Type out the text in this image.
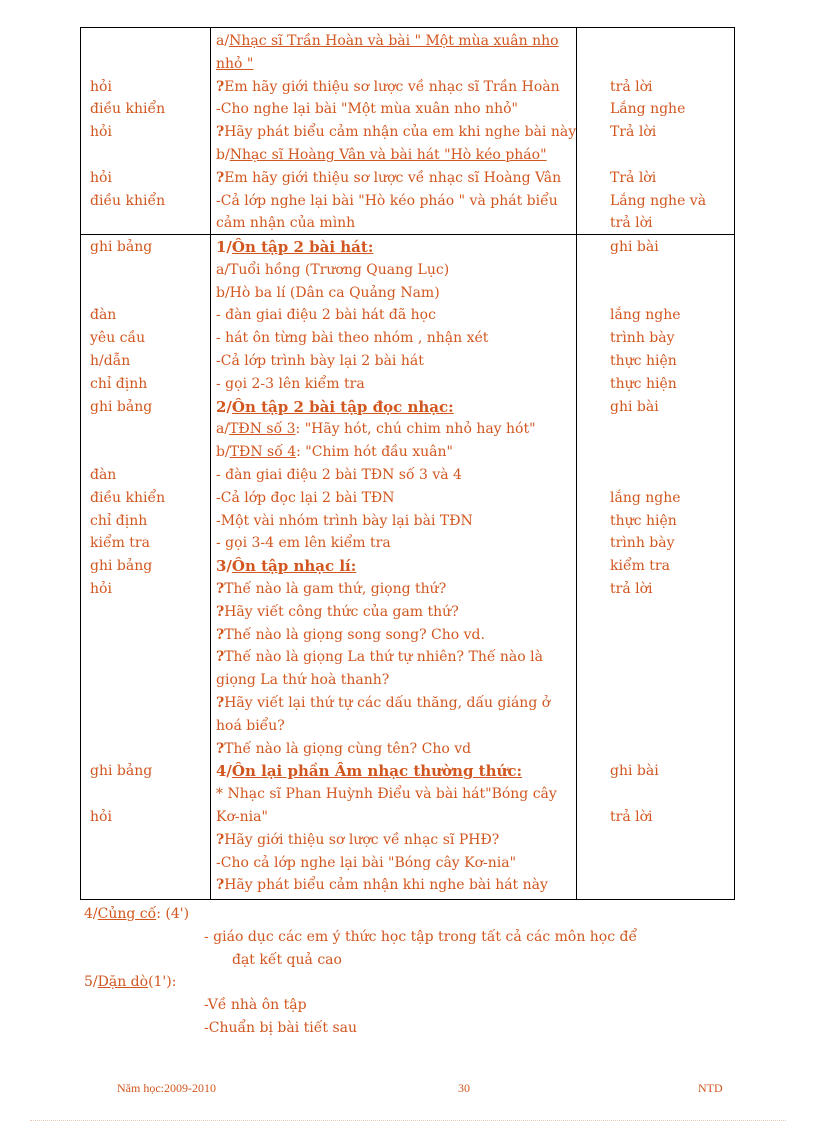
hỏi
điều khiển
hỏi
hỏi
điều khiển
a/Nhạc sĩ Trần Hoàn và bài " Một mùa xuân nho
nhỏ "
?Em hãy giới thiệu sơ lược về nhạc sĩ Trần Hoàn
-Cho nghe lại bài "Một mùa xuân nho nhỏ"
?Hãy phát biểu cảm nhận của em khi nghe bài này
b/Nhạc sĩ Hoàng Vân và bài hát "Hò kéo pháo"
?Em hãy giới thiệu sơ lược về nhạc sĩ Hoàng Vân
-Cả lớp nghe lại bài "Hò kéo pháo " và phát biểu
cảm nhận của mình
trả lời
Lắng nghe
Trả lời
Trả lời
Lắng nghe và
trả lời
ghi bảng
đàn
yêu cầu
h/dẫn
chỉ định
ghi bảng
đàn
điều khiển
chỉ định
kiểm tra
ghi bảng
hỏi
ghi bảng
hỏi
1/Ôn tập 2 bài hát:
a/Tuổi hồng (Trương Quang Lục)
b/Hò ba lí (Dân ca Quảng Nam)
- đàn giai điệu 2 bài hát đã học
- hát ôn từng bài theo nhóm , nhận xét
-Cả lớp trình bày lại 2 bài hát
- gọi 2-3 lên kiểm tra
2/Ôn tập 2 bài tập đọc nhạc:
a/TĐN số 3: "Hãy hót, chú chim nhỏ hay hót"
b/TĐN số 4: "Chim hót đầu xuân"
- đàn giai điệu 2 bài TĐN số 3 và 4
-Cả lớp đọc lại 2 bài TĐN
-Một vài nhóm trình bày lại bài TĐN
- gọi 3-4 em lên kiểm tra
3/Ôn tập nhạc lí:
?Thế nào là gam thứ, giọng thứ?
?Hãy viết công thức của gam thứ?
?Thế nào là giọng song song? Cho vd.
?Thế nào là giọng La thứ tự nhiên? Thế nào là
giọng La thứ hoà thanh?
?Hãy viết lại thứ tự các dấu thăng, dấu giáng ở
hoá biểu?
?Thế nào là giọng cùng tên? Cho vd
4/Ôn lại phần Âm nhạc thường thức:
* Nhạc sĩ Phan Huỳnh Điểu và bài hát"Bóng cây
Kơ-nia"
?Hãy giới thiệu sơ lược về nhạc sĩ PHĐ?
-Cho cả lớp nghe lại bài "Bóng cây Kơ-nia"
?Hãy phát biểu cảm nhận khi nghe bài hát này
ghi bài
lắng nghe
trình bày
thực hiện
thực hiện
ghi bài
lắng nghe
thực hiện
trình bày
kiểm tra
trả lời
ghi bài
trả lời
4/Củng cố: (4')
- giáo dục các em ý thức học tập trong tất cả các môn học để
đạt kết quả cao
5/Dặn dò(1'):
-Về nhà ôn tập
-Chuẩn bị bài tiết sau
Năm học:2009-2010	30	NTD
